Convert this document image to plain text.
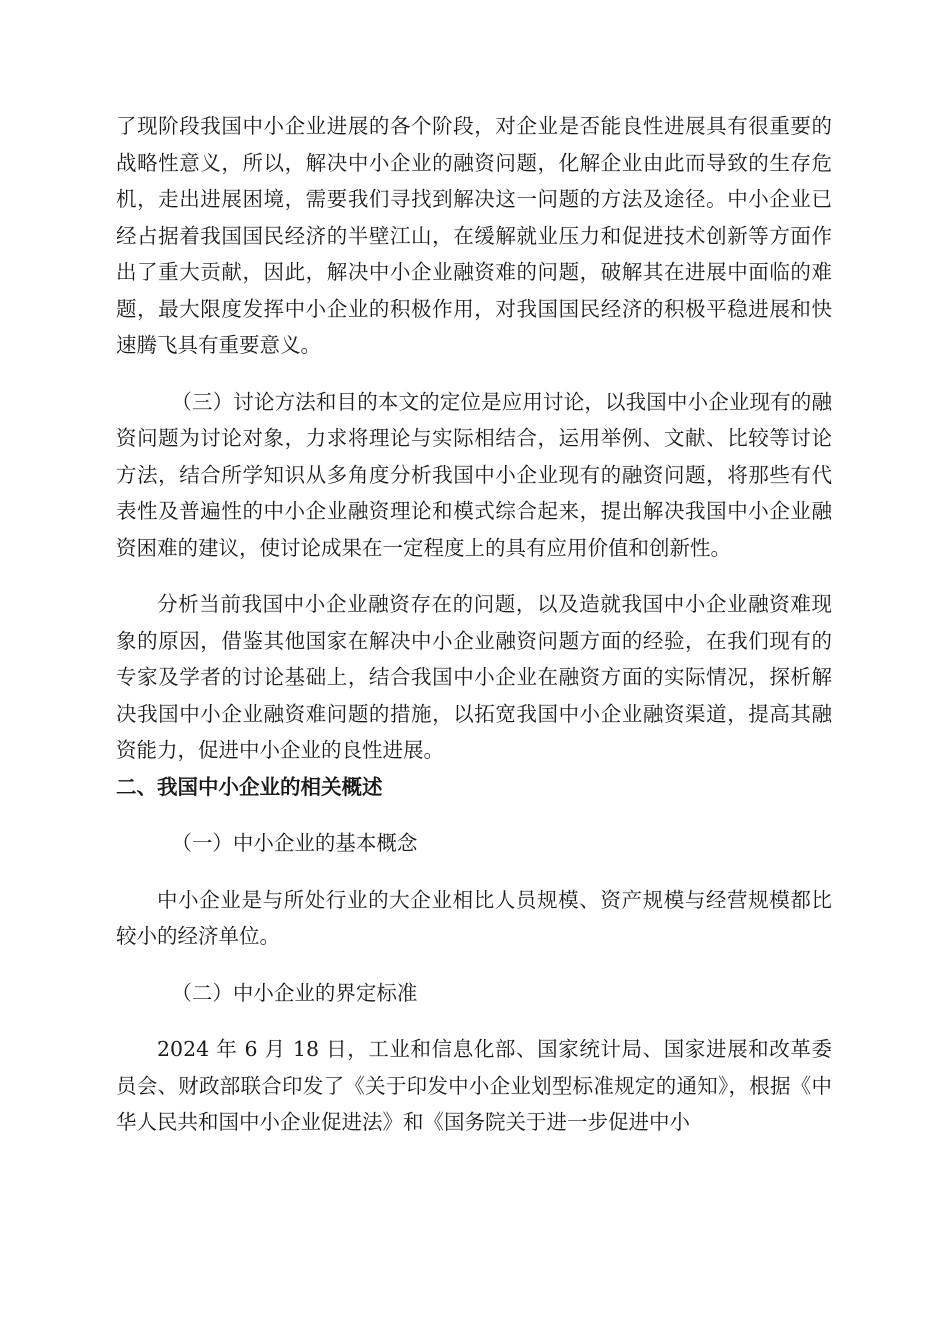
了现阶段我国中小企业进展的各个阶段，对企业是否能良性进展具有很重要的战略性意义，所以，解决中小企业的融资问题，化解企业由此而导致的生存危机，走出进展困境，需要我们寻找到解决这一问题的方法及途径。中小企业已经占据着我国国民经济的半壁江山，在缓解就业压力和促进技术创新等方面作出了重大贡献，因此，解决中小企业融资难的问题，破解其在进展中面临的难题，最大限度发挥中小企业的积极作用，对我国国民经济的积极平稳进展和快速腾飞具有重要意义。

（三）讨论方法和目的本文的定位是应用讨论，以我国中小企业现有的融资问题为讨论对象，力求将理论与实际相结合，运用举例、文献、比较等讨论方法，结合所学知识从多角度分析我国中小企业现有的融资问题，将那些有代表性及普遍性的中小企业融资理论和模式综合起来，提出解决我国中小企业融资困难的建议，使讨论成果在一定程度上的具有应用价值和创新性。

分析当前我国中小企业融资存在的问题，以及造就我国中小企业融资难现象的原因，借鉴其他国家在解决中小企业融资问题方面的经验，在我们现有的专家及学者的讨论基础上，结合我国中小企业在融资方面的实际情况，探析解决我国中小企业融资难问题的措施，以拓宽我国中小企业融资渠道，提高其融资能力，促进中小企业的良性进展。

二、我国中小企业的相关概述

（一）中小企业的基本概念

中小企业是与所处行业的大企业相比人员规模、资产规模与经营规模都比较小的经济单位。

（二）中小企业的界定标准

2024 年 6 月 18 日，工业和信息化部、国家统计局、国家进展和改革委员会、财政部联合印发了《关于印发中小企业划型标准规定的通知》，根据《中华人民共和国中小企业促进法》和《国务院关于进一步促进中小
